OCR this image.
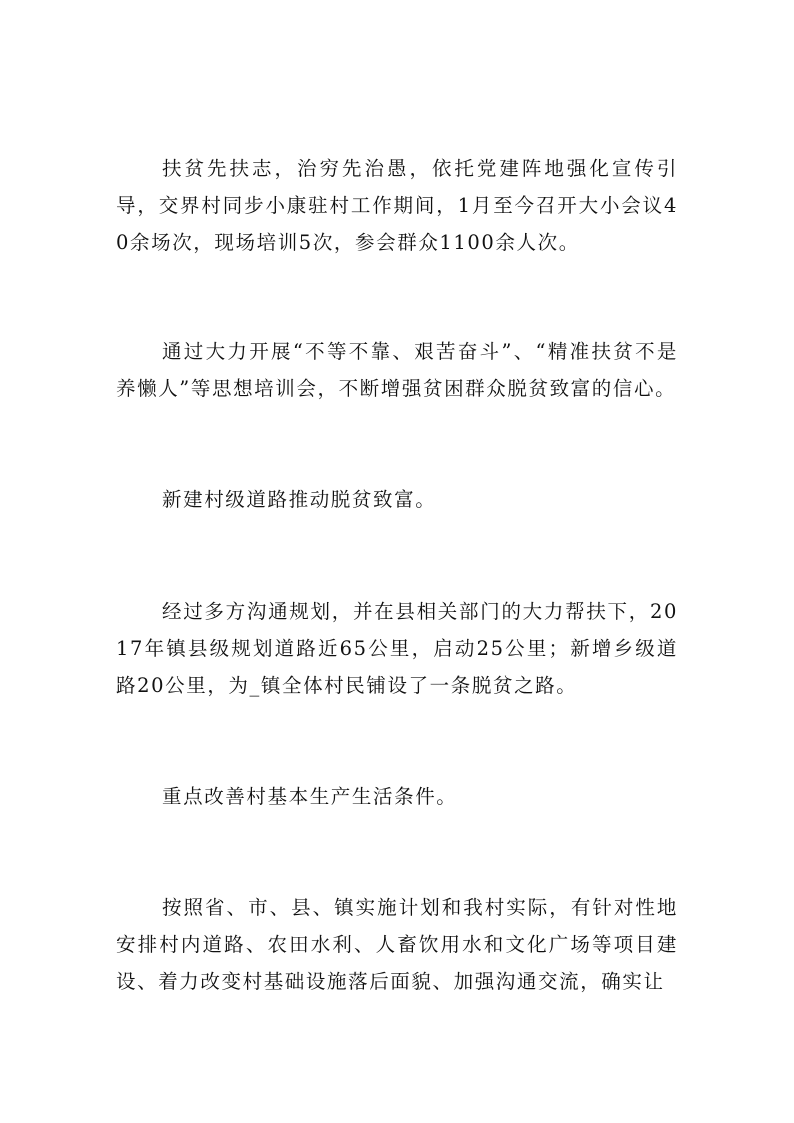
扶贫先扶志，治穷先治愚，依托党建阵地强化宣传引导，交界村同步小康驻村工作期间，1月至今召开大小会议40余场次，现场培训5次，参会群众1100余人次。

通过大力开展“不等不靠、艰苦奋斗”、“精准扶贫不是养懒人”等思想培训会，不断增强贫困群众脱贫致富的信心。

新建村级道路推动脱贫致富。

经过多方沟通规划，并在县相关部门的大力帮扶下，2017年镇县级规划道路近65公里，启动25公里；新增乡级道路20公里，为_镇全体村民铺设了一条脱贫之路。

重点改善村基本生产生活条件。

按照省、市、县、镇实施计划和我村实际，有针对性地安排村内道路、农田水利、人畜饮用水和文化广场等项目建设、着力改变村基础设施落后面貌、加强沟通交流，确实让
